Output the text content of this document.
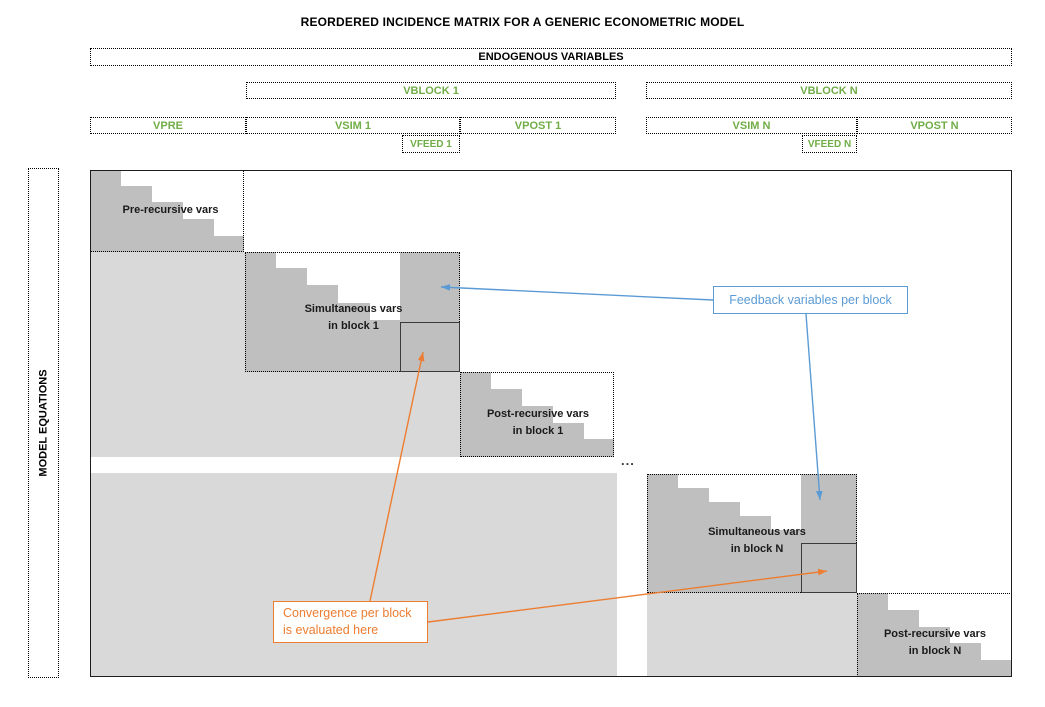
REORDERED INCIDENCE MATRIX FOR A GENERIC ECONOMETRIC MODEL
ENDOGENOUS VARIABLES
VBLOCK 1	VBLOCK N
VPRE	VSIM 1	VPOST 1	VSIM N	VPOST N
VFEED 1	VFEED N
MODEL EQUATIONS
Pre-recursive vars
Simultaneous vars
in block 1
Post-recursive vars
in block 1
Simultaneous vars
in block N
Post-recursive vars
in block N
...
Feedback variables per block
Convergence per block
is evaluated here
